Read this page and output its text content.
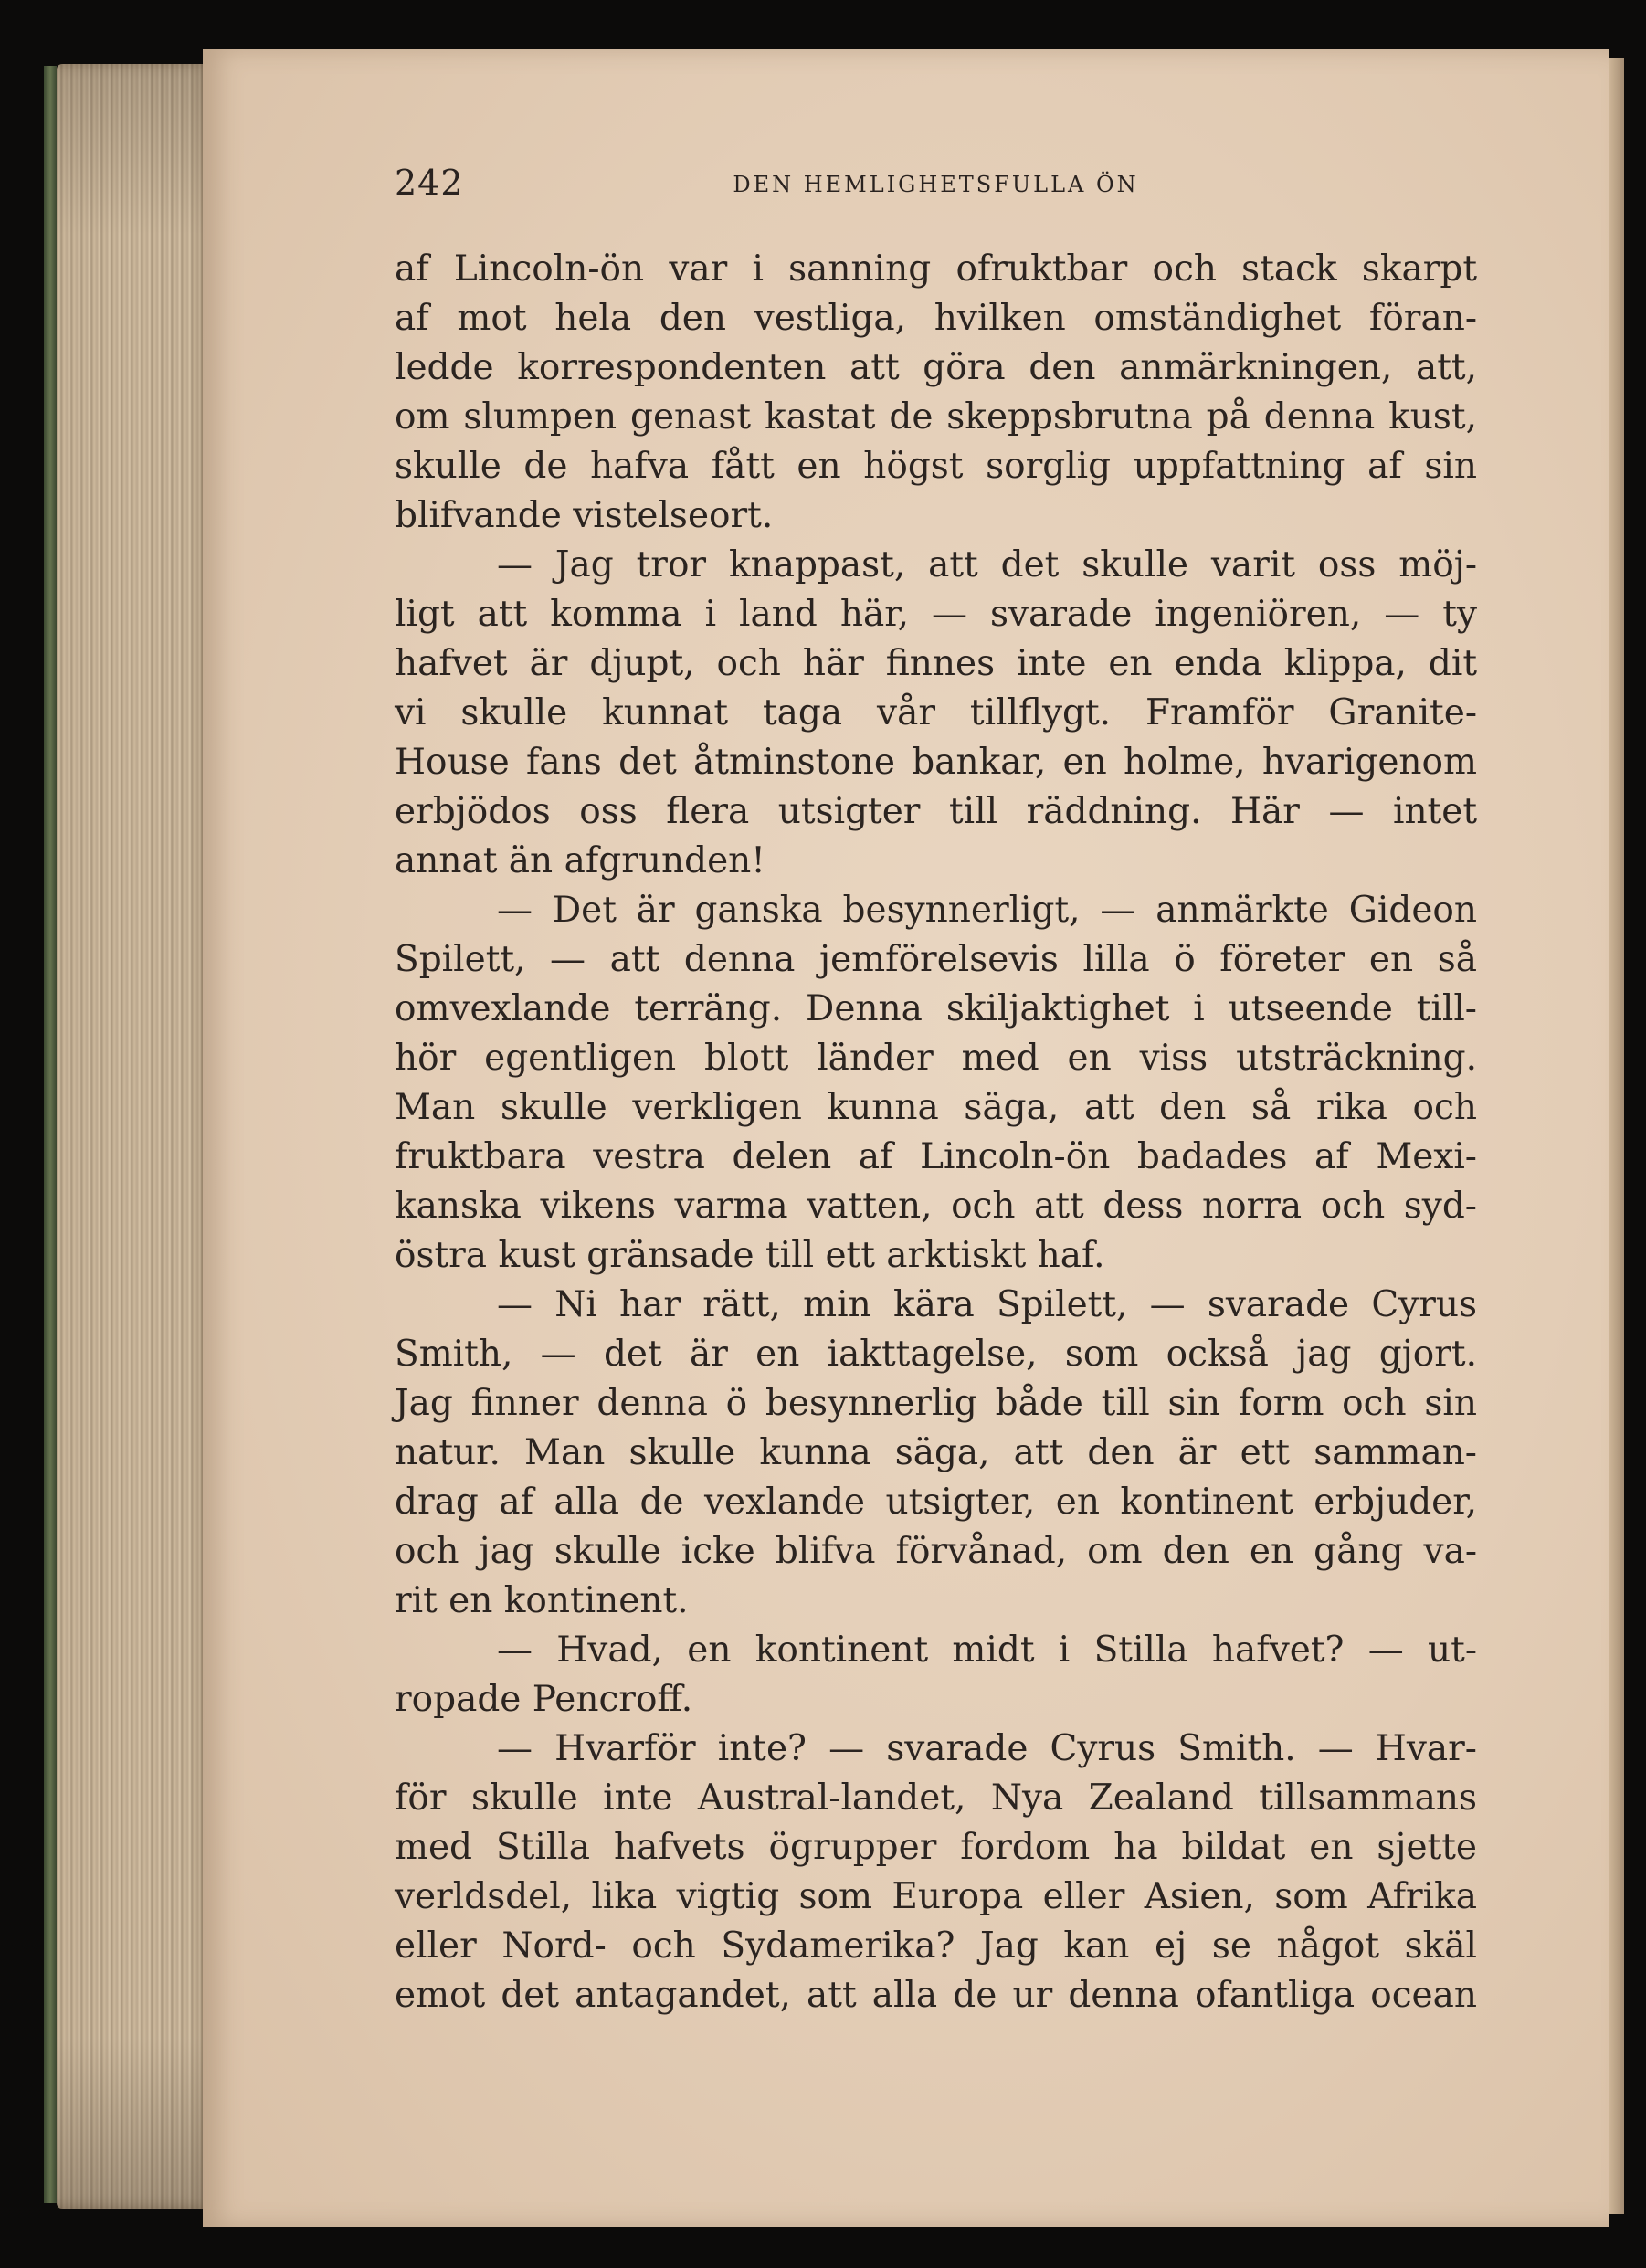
242	DEN HEMLIGHETSFULLA ÖN
af Lincoln-ön var i sanning ofruktbar och stack skarpt
af mot hela den vestliga, hvilken omständighet föran-
ledde korrespondenten att göra den anmärkningen, att,
om slumpen genast kastat de skeppsbrutna på denna kust,
skulle de hafva fått en högst sorglig uppfattning af sin
blifvande vistelseort.
— Jag tror knappast, att det skulle varit oss möj-
ligt att komma i land här, — svarade ingeniören, — ty
hafvet är djupt, och här finnes inte en enda klippa, dit
vi skulle kunnat taga vår tillflygt. Framför Granite-
House fans det åtminstone bankar, en holme, hvarigenom
erbjödos oss flera utsigter till räddning. Här — intet
annat än afgrunden!
— Det är ganska besynnerligt, — anmärkte Gideon
Spilett, — att denna jemförelsevis lilla ö företer en så
omvexlande terräng. Denna skiljaktighet i utseende till-
hör egentligen blott länder med en viss utsträckning.
Man skulle verkligen kunna säga, att den så rika och
fruktbara vestra delen af Lincoln-ön badades af Mexi-
kanska vikens varma vatten, och att dess norra och syd-
östra kust gränsade till ett arktiskt haf.
— Ni har rätt, min kära Spilett, — svarade Cyrus
Smith, — det är en iakttagelse, som också jag gjort.
Jag finner denna ö besynnerlig både till sin form och sin
natur. Man skulle kunna säga, att den är ett samman-
drag af alla de vexlande utsigter, en kontinent erbjuder,
och jag skulle icke blifva förvånad, om den en gång va-
rit en kontinent.
— Hvad, en kontinent midt i Stilla hafvet? — ut-
ropade Pencroff.
— Hvarför inte? — svarade Cyrus Smith. — Hvar-
för skulle inte Austral-landet, Nya Zealand tillsammans
med Stilla hafvets ögrupper fordom ha bildat en sjette
verldsdel, lika vigtig som Europa eller Asien, som Afrika
eller Nord- och Sydamerika? Jag kan ej se något skäl
emot det antagandet, att alla de ur denna ofantliga ocean
